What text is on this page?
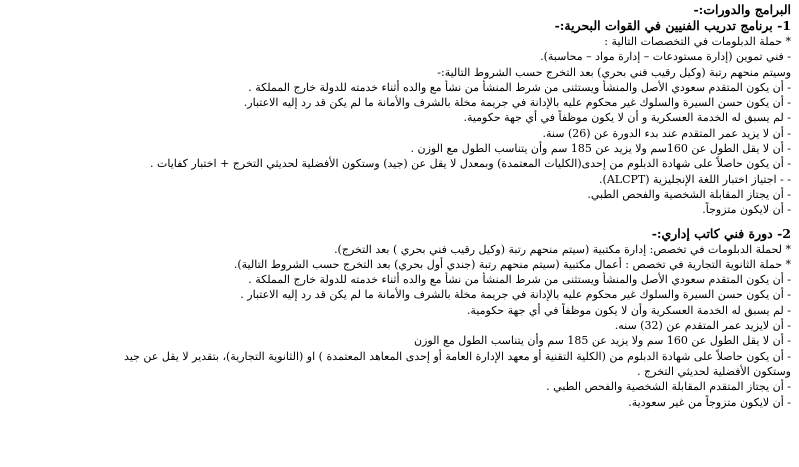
البرامج والدورات:-
1- برنامج تدريب الفنيين في القوات البحرية:-
* حملة الدبلومات في التخصصات التالية :
- فني تموين (إدارة مستودعات – إدارة مواد – محاسبة).
وسيتم منحهم رتبة (وكيل رقيب فني بحري) بعد التخرج حسب الشروط التالية:-
- أن يكون المتقدم سعودي الأصل والمنشأ ويستثنى من شرط المنشأ من نشأ مع والده أثناء خدمته للدولة خارج المملكة .
- أن يكون حسن السيرة والسلوك غير محكوم عليه بالإدانة في جريمة مخلة بالشرف والأمانة ما لم يكن قد رد إليه الاعتبار.
- لم يسبق له الخدمة العسكرية و أن لا يكون موظفاً في أي جهة حكومية.
- أن لا يزيد عمر المتقدم عند بدء الدورة عن (26) سنة.
- أن لا يقل الطول عن 160سم ولا يزيد عن 185 سم وأن يتناسب الطول مع الوزن .
- أن يكون حاصلاً على شهادة الدبلوم من إحدى(الكليات المعتمدة) وبمعدل لا يقل عن (جيد) وستكون الأفضلية لحديثي التخرج + اختبار كفايات .
- - اجتياز اختبار اللغة الإنجليزية (ALCPT).
- أن يجتاز المقابلة الشخصية والفحص الطبي.
- أن لايكون متزوجاً.
2- دورة فني كاتب إداري:-
* لحملة الدبلومات في تخصص: إدارة مكتبية (سيتم منحهم رتبة (وكيل رقيب فني بحري ) بعد التخرج).
* حملة الثانوية التجارية في تخصص : أعمال مكتبية (سيتم منحهم رتبة (جندي أول بحري) بعد التخرج حسب الشروط التالية).
- أن يكون المتقدم سعودي الأصل والمنشأ ويستثنى من شرط المنشأ من نشأ مع والده أثناء خدمته للدولة خارج المملكة .
- أن يكون حسن السيرة والسلوك غير محكوم عليه بالإدانة في جريمة مخلة بالشرف والأمانة ما لم يكن قد رد إليه الاعتبار .
- لم يسبق له الخدمة العسكرية وأن لا يكون موظفاً في أي جهة حكومية.
- أن لايزيد عمر المتقدم عن (32) سنه.
- أن لا يقل الطول عن 160 سم ولا يزيد عن 185 سم وأن يتناسب الطول مع الوزن
- أن يكون حاصلاً على شهادة الدبلوم من (الكلية التقنية أو معهد الإدارة العامة أو إحدى المعاهد المعتمدة ) او (الثانوية التجارية)، بتقدير لا يقل عن جيد
وستكون الأفضلية لحديثي التخرج .
- أن يجتاز المتقدم المقابلة الشخصية والفحص الطبي .
- أن لايكون متزوجاً من غير سعودية.
